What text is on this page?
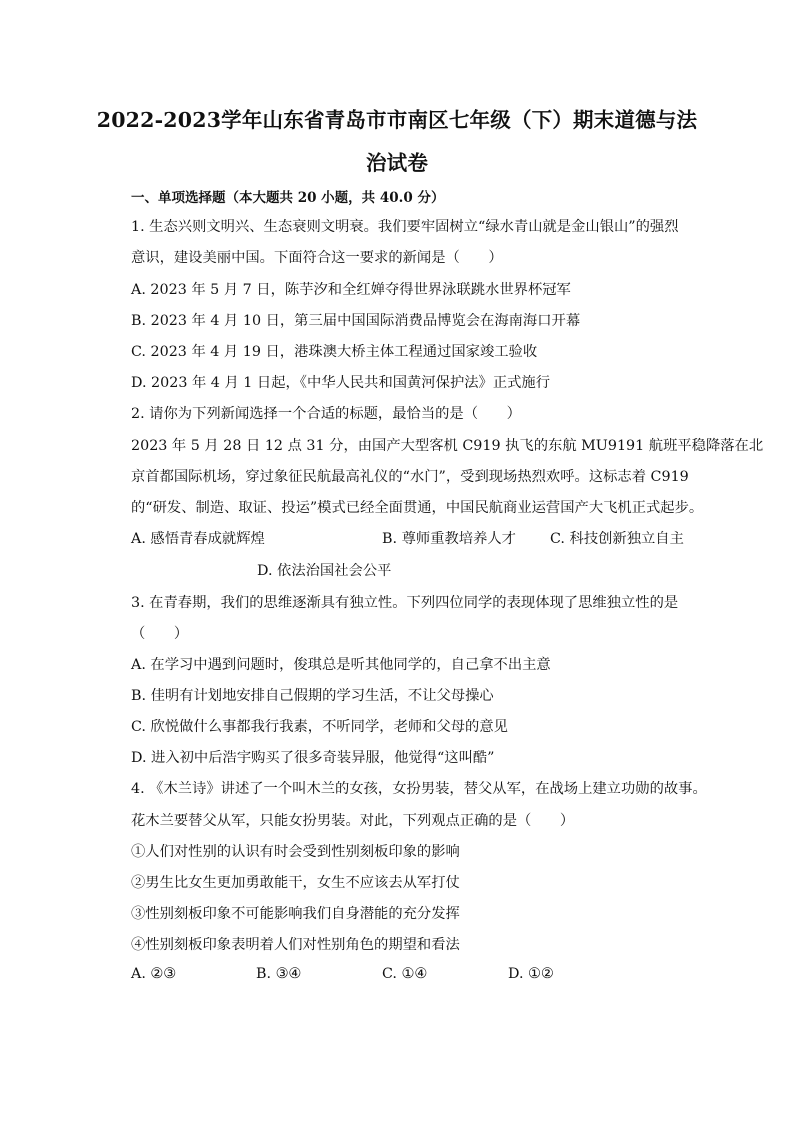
2022-2023学年山东省青岛市市南区七年级（下）期末道德与法
治试卷
一、单项选择题（本大题共 20 小题，共 40.0 分）
1. 生态兴则文明兴、生态衰则文明衰。我们要牢固树立“绿水青山就是金山银山”的强烈
意识，建设美丽中国。下面符合这一要求的新闻是（　　）
A. 2023 年 5 月 7 日，陈芋汐和全红婵夺得世界泳联跳水世界杯冠军
B. 2023 年 4 月 10 日，第三届中国国际消费品博览会在海南海口开幕
C. 2023 年 4 月 19 日，港珠澳大桥主体工程通过国家竣工验收
D. 2023 年 4 月 1 日起，《中华人民共和国黄河保护法》正式施行
2. 请你为下列新闻选择一个合适的标题，最恰当的是（　　）
2023 年 5 月 28 日 12 点 31 分，由国产大型客机 C919 执飞的东航 MU9191 航班平稳降落在北
京首都国际机场，穿过象征民航最高礼仪的“水门”，受到现场热烈欢呼。这标志着 C919
的“研发、制造、取证、投运”模式已经全面贯通，中国民航商业运营国产大飞机正式起步。
A. 感悟青春成就辉煌	B. 尊师重教培养人才 C. 科技创新独立自主
D. 依法治国社会公平
3. 在青春期，我们的思维逐渐具有独立性。下列四位同学的表现体现了思维独立性的是
（　　）
A. 在学习中遇到问题时，俊琪总是听其他同学的，自己拿不出主意
B. 佳明有计划地安排自己假期的学习生活，不让父母操心
C. 欣悦做什么事都我行我素，不听同学，老师和父母的意见
D. 进入初中后浩宇购买了很多奇装异服，他觉得“这叫酷”
4. 《木兰诗》讲述了一个叫木兰的女孩，女扮男装，替父从军，在战场上建立功勋的故事。
花木兰要替父从军，只能女扮男装。对此，下列观点正确的是（　　）
①人们对性别的认识有时会受到性别刻板印象的影响
②男生比女生更加勇敢能干，女生不应该去从军打仗
③性别刻板印象不可能影响我们自身潜能的充分发挥
④性别刻板印象表明着人们对性别角色的期望和看法
A. ②③	B. ③④	C. ①④	D. ①②
